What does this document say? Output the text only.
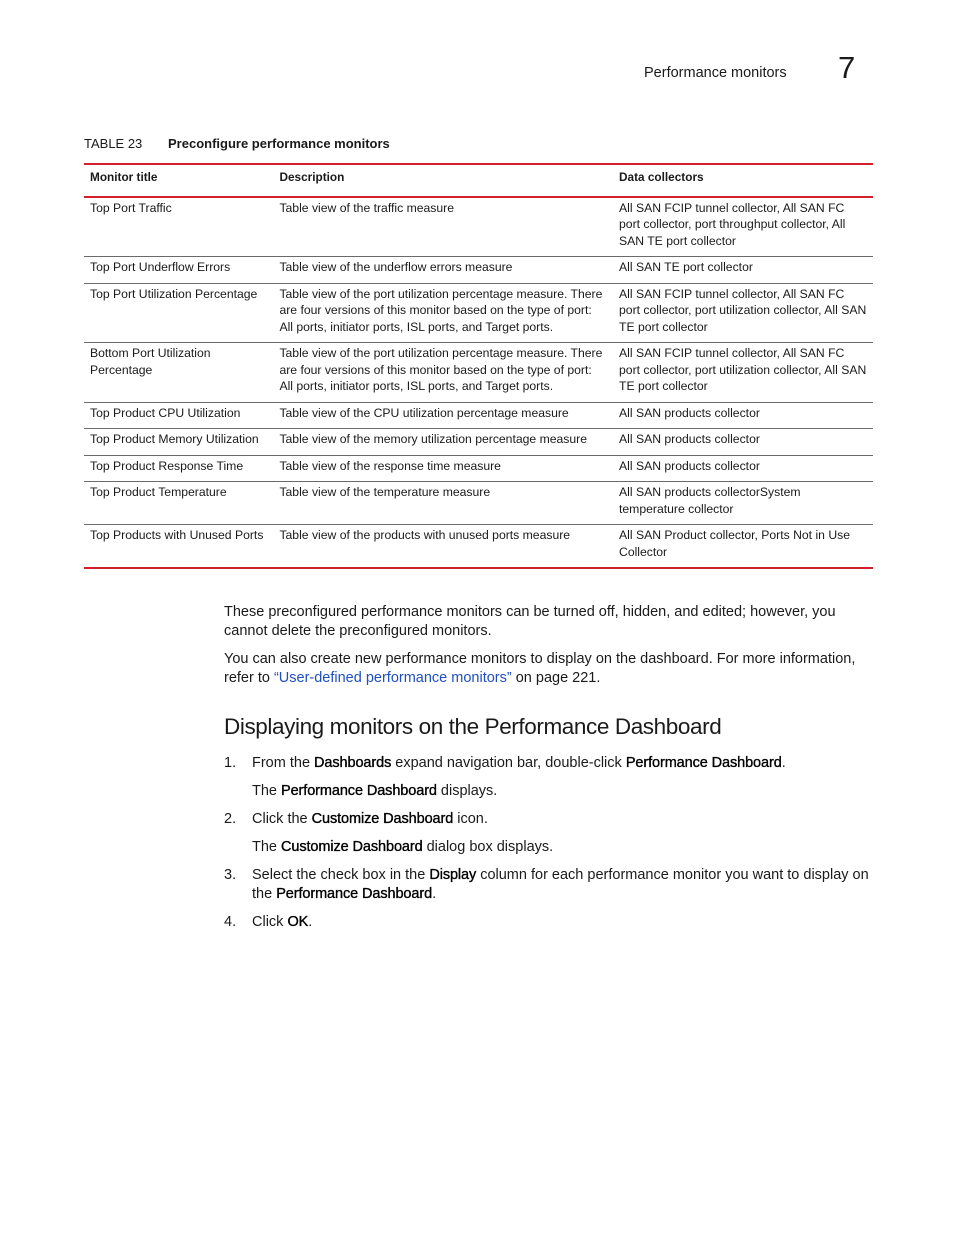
Performance monitors 7
TABLE 23 Preconfigure performance monitors
Monitor title	Description	Data collectors
Top Port Traffic	Table view of the traffic measure	All SAN FCIP tunnel collector, All SAN FC port collector, port throughput collector, All SAN TE port collector
Top Port Underflow Errors	Table view of the underflow errors measure	All SAN TE port collector
Top Port Utilization Percentage	Table view of the port utilization percentage measure. There are four versions of this monitor based on the type of port: All ports, initiator ports, ISL ports, and Target ports.	All SAN FCIP tunnel collector, All SAN FC port collector, port utilization collector, All SAN TE port collector
Bottom Port Utilization Percentage	Table view of the port utilization percentage measure. There are four versions of this monitor based on the type of port: All ports, initiator ports, ISL ports, and Target ports.	All SAN FCIP tunnel collector, All SAN FC port collector, port utilization collector, All SAN TE port collector
Top Product CPU Utilization	Table view of the CPU utilization percentage measure	All SAN products collector
Top Product Memory Utilization	Table view of the memory utilization percentage measure	All SAN products collector
Top Product Response Time	Table view of the response time measure	All SAN products collector
Top Product Temperature	Table view of the temperature measure	All SAN products collectorSystem temperature collector
Top Products with Unused Ports	Table view of the products with unused ports measure	All SAN Product collector, Ports Not in Use Collector

These preconfigured performance monitors can be turned off, hidden, and edited; however, you cannot delete the preconfigured monitors.

You can also create new performance monitors to display on the dashboard. For more information, refer to “User-defined performance monitors” on page 221.

Displaying monitors on the Performance Dashboard
1. From the Dashboards expand navigation bar, double-click Performance Dashboard.
The Performance Dashboard displays.
2. Click the Customize Dashboard icon.
The Customize Dashboard dialog box displays.
3. Select the check box in the Display column for each performance monitor you want to display on the Performance Dashboard.
4. Click OK.
